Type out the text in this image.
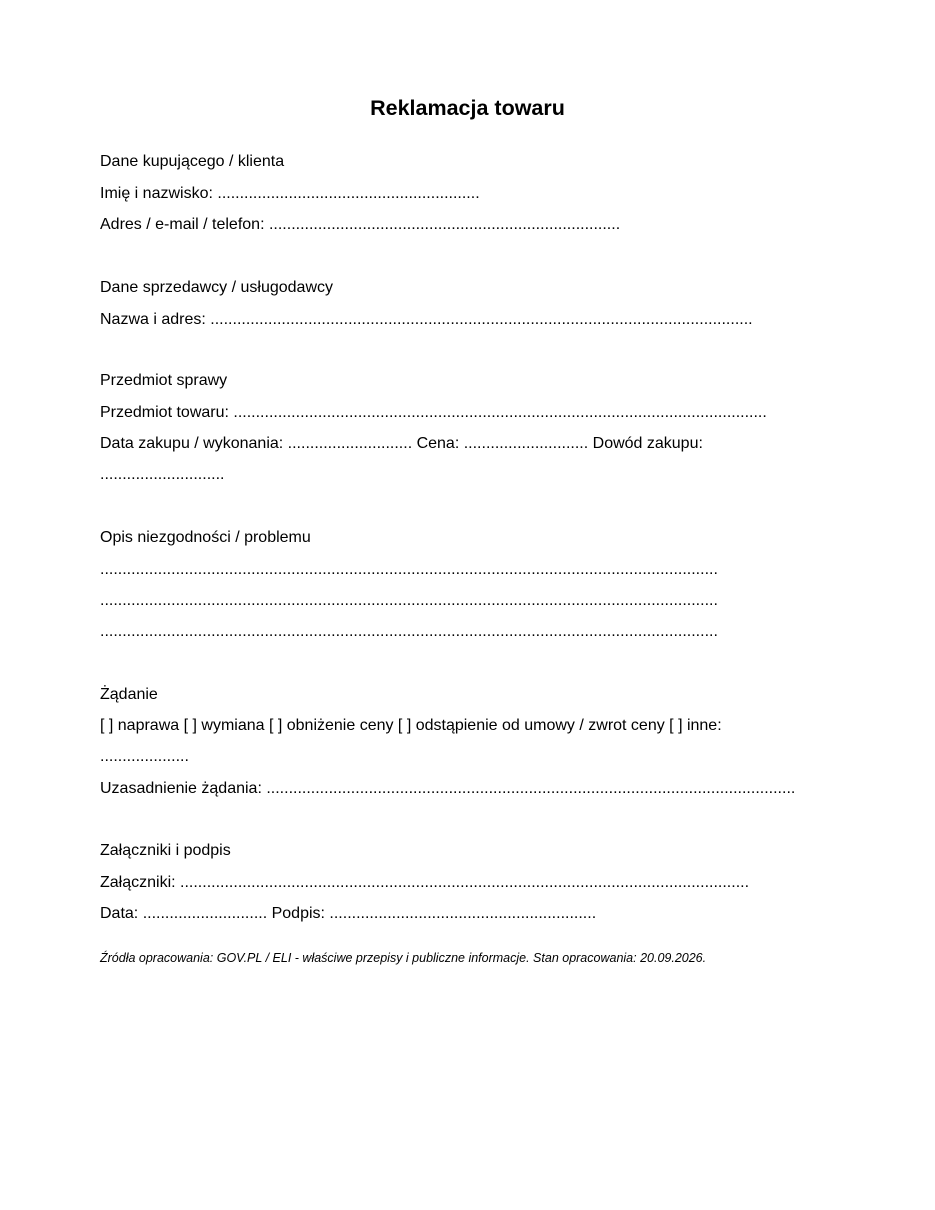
Reklamacja towaru
Dane kupującego / klienta
Imię i nazwisko: ...........................................................
Adres / e-mail / telefon: ...............................................................................
Dane sprzedawcy / usługodawcy
Nazwa i adres: ..........................................................................................................................
Przedmiot sprawy
Przedmiot towaru: ........................................................................................................................
Data zakupu / wykonania: ............................ Cena: ............................ Dowód zakupu:
............................
Opis niezgodności / problemu
...........................................................................................................................................
...........................................................................................................................................
...........................................................................................................................................
Żądanie
[ ] naprawa [ ] wymiana [ ] obniżenie ceny [ ] odstąpienie od umowy / zwrot ceny [ ] inne:
....................
Uzasadnienie żądania: .......................................................................................................................
Załączniki i podpis
Załączniki: ................................................................................................................................
Data: ............................ Podpis: ............................................................
Źródła opracowania: GOV.PL / ELI - właściwe przepisy i publiczne informacje. Stan opracowania: 20.09.2026.
